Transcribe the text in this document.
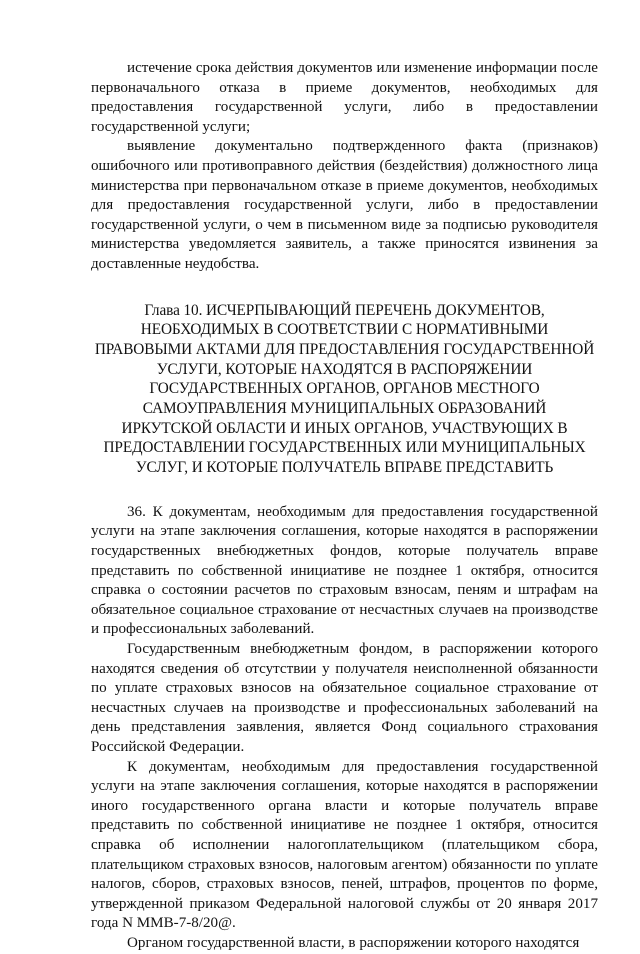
истечение срока действия документов или изменение информации после первоначального отказа в приеме документов, необходимых для предоставления государственной услуги, либо в предоставлении государственной услуги;

выявление документально подтвержденного факта (признаков) ошибочного или противоправного действия (бездействия) должностного лица министерства при первоначальном отказе в приеме документов, необходимых для предоставления государственной услуги, либо в предоставлении государственной услуги, о чем в письменном виде за подписью руководителя министерства уведомляется заявитель, а также приносятся извинения за доставленные неудобства.

Глава 10. ИСЧЕРПЫВАЮЩИЙ ПЕРЕЧЕНЬ ДОКУМЕНТОВ,
НЕОБХОДИМЫХ В СООТВЕТСТВИИ С НОРМАТИВНЫМИ
ПРАВОВЫМИ АКТАМИ ДЛЯ ПРЕДОСТАВЛЕНИЯ ГОСУДАРСТВЕННОЙ
УСЛУГИ, КОТОРЫЕ НАХОДЯТСЯ В РАСПОРЯЖЕНИИ
ГОСУДАРСТВЕННЫХ ОРГАНОВ, ОРГАНОВ МЕСТНОГО
САМОУПРАВЛЕНИЯ МУНИЦИПАЛЬНЫХ ОБРАЗОВАНИЙ
ИРКУТСКОЙ ОБЛАСТИ И ИНЫХ ОРГАНОВ, УЧАСТВУЮЩИХ В
ПРЕДОСТАВЛЕНИИ ГОСУДАРСТВЕННЫХ ИЛИ МУНИЦИПАЛЬНЫХ
УСЛУГ, И КОТОРЫЕ ПОЛУЧАТЕЛЬ ВПРАВЕ ПРЕДСТАВИТЬ

36. К документам, необходимым для предоставления государственной услуги на этапе заключения соглашения, которые находятся в распоряжении государственных внебюджетных фондов, которые получатель вправе представить по собственной инициативе не позднее 1 октября, относится справка о состоянии расчетов по страховым взносам, пеням и штрафам на обязательное социальное страхование от несчастных случаев на производстве и профессиональных заболеваний.

Государственным внебюджетным фондом, в распоряжении которого находятся сведения об отсутствии у получателя неисполненной обязанности по уплате страховых взносов на обязательное социальное страхование от несчастных случаев на производстве и профессиональных заболеваний на день представления заявления, является Фонд социального страхования Российской Федерации.

К документам, необходимым для предоставления государственной услуги на этапе заключения соглашения, которые находятся в распоряжении иного государственного органа власти и которые получатель вправе представить по собственной инициативе не позднее 1 октября, относится справка об исполнении налогоплательщиком (плательщиком сбора, плательщиком страховых взносов, налоговым агентом) обязанности по уплате налогов, сборов, страховых взносов, пеней, штрафов, процентов по форме, утвержденной приказом Федеральной налоговой службы от 20 января 2017 года N ММВ-7-8/20@.

Органом государственной власти, в распоряжении которого находятся
